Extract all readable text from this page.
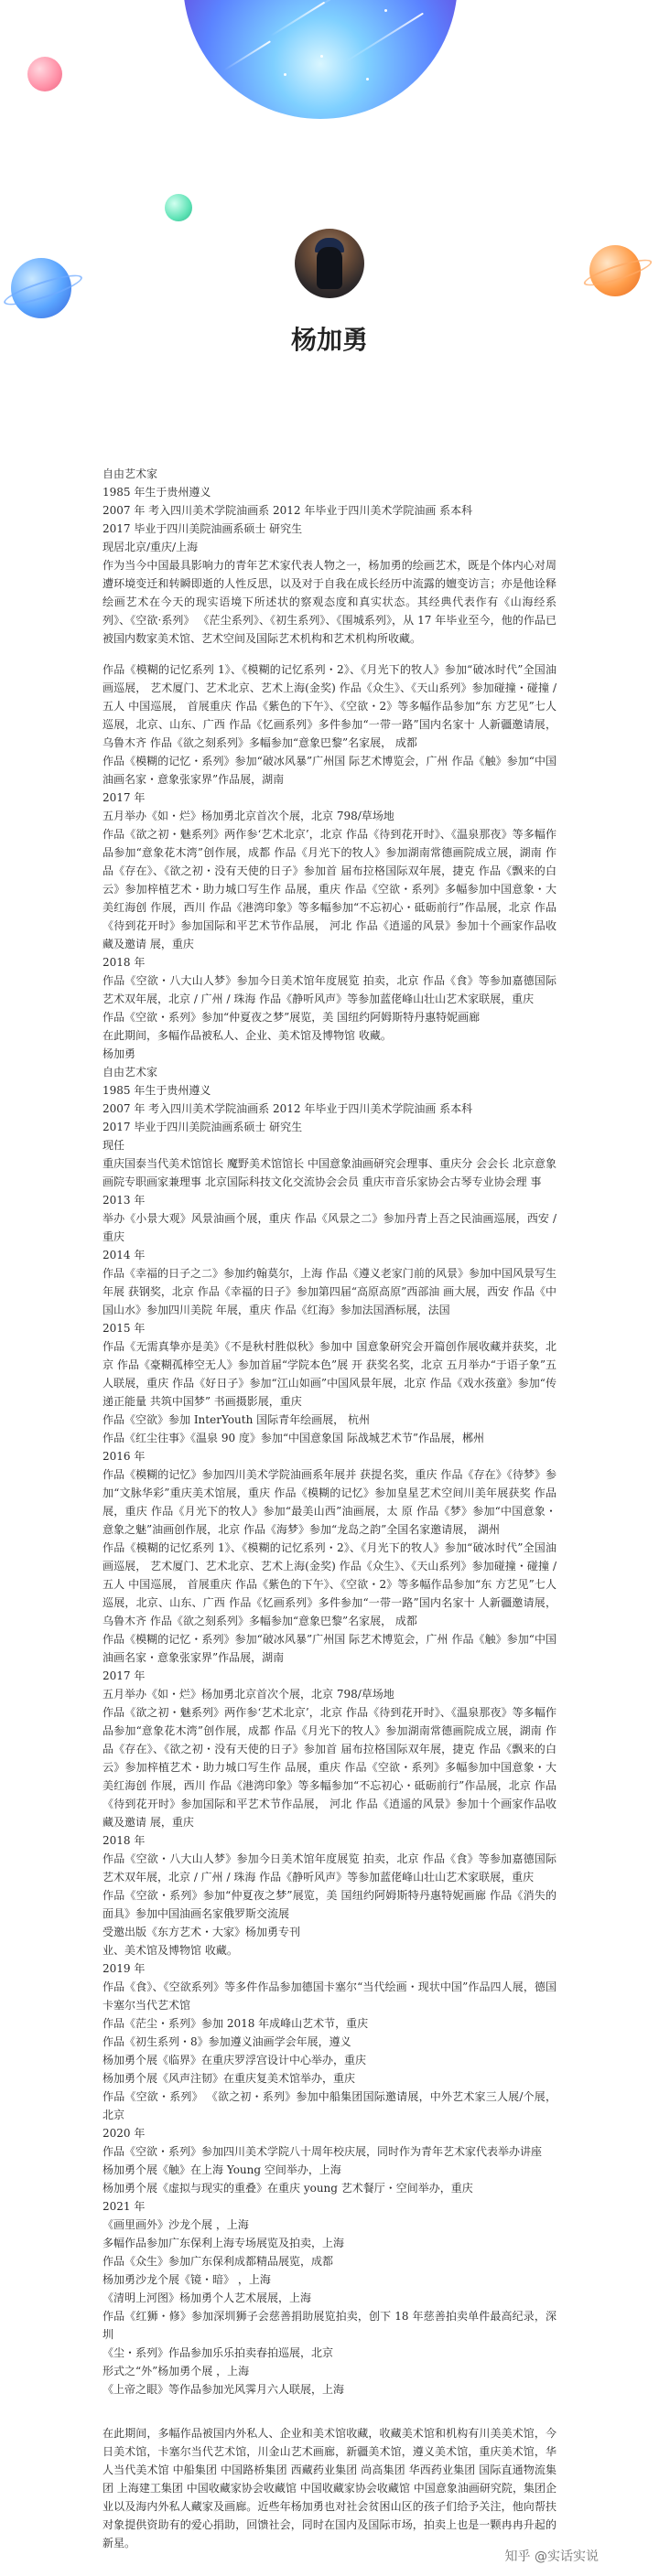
杨加勇
自由艺术家
1985 年生于贵州遵义
2007 年 考入四川美术学院油画系 2012 年毕业于四川美术学院油画 系本科
2017 毕业于四川美院油画系硕士 研究生
现居北京/重庆/上海
作为当今中国最具影响力的青年艺术家代表人物之一，杨加勇的绘画艺术，既是个体内心对周遭环境变迁和转瞬即逝的人性反思，以及对于自我在成长经历中流露的嬗变访言；亦是他诠释绘画艺术在今天的现实语境下所述状的察观态度和真实状态。其经典代表作有《山海经系列》、《空欲·系列》 《茫尘系列》、《初生系列》、《围城系列》，从 17 年毕业至今，他的作品已被国内数家美术馆、艺术空间及国际艺术机构和艺术机构所收藏。
作品《模糊的记忆系列 1》、《模糊的记忆系列・2》、《月光下的牧人》参加“破冰时代”全国油画巡展， 艺术厦门、艺术北京、艺术上海(金奖) 作品《众生》、《天山系列》参加碰撞・碰撞 / 五人 中国巡展， 首展重庆 作品《紫色的下午》、《空欲・2》等多幅作品参加“东 方艺见”七人巡展，北京、山东、广西 作品《忆画系列》多件参加“一带一路”国内名家十 人新疆邀请展，乌鲁木齐 作品《欲之刻系列》多幅参加“意象巴黎”名家展， 成都
作品《模糊的记忆・系列》参加“破冰风暴”广州国 际艺术博览会，广州 作品《触》参加“中国油画名家・意象张家界”作品展，湖南
2017 年
五月举办《如・烂》杨加勇北京首次个展，北京 798/草场地
作品《欲之初・魅系列》两作参‘艺术北京’，北京 作品《待到花开时》、《温泉那夜》等多幅作品参加“意象花木湾”创作展，成都 作品《月光下的牧人》参加湖南常德画院成立展，湖南 作品《存在》、《欲之初・没有天使的日子》参加首 届布拉格国际双年展，捷克 作品《飘来的白云》参加梓植艺术・助力城口写生作 品展，重庆 作品《空欲・系列》多幅参加中国意象・大美红海创 作展，西川 作品《港湾印象》等多幅参加“不忘初心・砥砺前行”作品展，北京 作品《待到花开时》参加国际和平艺术节作品展， 河北 作品《逍遥的风景》参加十个画家作品收藏及邀请 展，重庆
2018 年
作品《空欲・八大山人梦》参加今日美术馆年度展览 拍卖，北京 作品《食》等参加嘉德国际艺术双年展，北京 / 广州 / 珠海 作品《静听风声》等参加蓝佬峰山壮山艺术家联展，重庆
作品《空欲・系列》参加“仲夏夜之梦”展览，美 国纽约阿姆斯特丹惠特妮画廊
在此期间，多幅作品被私人、企业、美术馆及博物馆 收藏。
杨加勇
自由艺术家
1985 年生于贵州遵义
2007 年 考入四川美术学院油画系 2012 年毕业于四川美术学院油画 系本科
2017 毕业于四川美院油画系硕士 研究生
现任
重庆国泰当代美术馆馆长 魔野美术馆馆长 中国意象油画研究会理事、重庆分 会会长 北京意象画院专职画家兼理事 北京国际科技文化交流协会会员 重庆市音乐家协会古琴专业协会理 事
2013 年
举办《小景大观》风景油画个展，重庆 作品《风景之二》参加丹青上吾之民油画巡展，西安 / 重庆
2014 年
作品《幸福的日子之二》参加约翰莫尔，上海 作品《遵义老家门前的风景》参加中国风景写生年展 获钢奖，北京 作品《幸福的日子》参加第四届“高原高原”西部油 画大展，西安 作品《中国山水》参加四川美院 年展，重庆 作品《红海》参加法国酒标展，法国
2015 年
作品《无需真挚亦是美》《不是秋村胜似秋》参加中 国意象研究会开篇创作展收藏并获奖，北京 作品《豪糊孤棒空无人》参加首届“学院本色”展 开 获奖名奖，北京 五月举办“于语子象”五人联展，重庆 作品《好日子》参加“江山如画”中国风景年展，北京 作品《戏水孩童》参加“传递正能量 共筑中国梦” 书画摄影展，重庆
作品《空欲》参加 InterYouth 国际青年绘画展， 杭州
作品《红尘往事》《温泉 90 度》参加“中国意象国 际战城艺术节”作品展，郴州
2016 年
作品《模糊的记忆》参加四川美术学院油画系年展并 获提名奖，重庆 作品《存在》《待梦》参加“文脉华彩”重庆美术馆展，重庆 作品《模糊的记忆》参加皇星艺术空间川美年展获奖 作品展，重庆 作品《月光下的牧人》参加“最美山西”油画展，太 原 作品《梦》参加“中国意象・意象之魅”油画创作展，北京 作品《海梦》参加“龙岛之韵”全国名家邀请展， 湖州
作品《模糊的记忆系列 1》、《模糊的记忆系列・2》、《月光下的牧人》参加“破冰时代”全国油画巡展， 艺术厦门、艺术北京、艺术上海(金奖) 作品《众生》、《天山系列》参加碰撞・碰撞 / 五人 中国巡展， 首展重庆 作品《紫色的下午》、《空欲・2》等多幅作品参加“东 方艺见”七人巡展，北京、山东、广西 作品《忆画系列》多件参加“一带一路”国内名家十 人新疆邀请展，乌鲁木齐 作品《欲之刻系列》多幅参加“意象巴黎”名家展， 成都
作品《模糊的记忆・系列》参加“破冰风暴”广州国 际艺术博览会，广州 作品《触》参加“中国油画名家・意象张家界”作品展，湖南
2017 年
五月举办《如・烂》杨加勇北京首次个展，北京 798/草场地
作品《欲之初・魅系列》两作参‘艺术北京’，北京 作品《待到花开时》、《温泉那夜》等多幅作品参加“意象花木湾”创作展，成都 作品《月光下的牧人》参加湖南常德画院成立展，湖南 作品《存在》、《欲之初・没有天使的日子》参加首 届布拉格国际双年展，捷克 作品《飘来的白云》参加梓植艺术・助力城口写生作 品展，重庆 作品《空欲・系列》多幅参加中国意象・大美红海创 作展，西川 作品《港湾印象》等多幅参加“不忘初心・砥砺前行”作品展，北京 作品《待到花开时》参加国际和平艺术节作品展， 河北 作品《逍遥的风景》参加十个画家作品收藏及邀请 展，重庆
2018 年
作品《空欲・八大山人梦》参加今日美术馆年度展览 拍卖，北京 作品《食》等参加嘉德国际艺术双年展，北京 / 广州 / 珠海 作品《静听风声》等参加蓝佬峰山壮山艺术家联展，重庆
作品《空欲・系列》参加“仲夏夜之梦”展览，美 国纽约阿姆斯特丹惠特妮画廊 作品《消失的面具》参加中国油画名家俄罗斯交流展
受邀出版《东方艺术・大家》杨加勇专刊
业、美术馆及博物馆 收藏。
2019 年
作品《食》、《空欲系列》等多件作品参加德国卡塞尔“当代绘画・现状中国”作品四人展，德国卡塞尔当代艺术馆
作品《茫尘・系列》参加 2018 年成峰山艺术节，重庆
作品《初生系列・8》参加遵义油画学会年展，遵义
杨加勇个展《临界》在重庆罗浮宫设计中心举办，重庆
杨加勇个展《风声注韧》在重庆复美术馆举办，重庆
作品《空欲・系列》 《欲之初・系列》参加中船集团国际邀请展，中外艺术家三人展/个展，北京
2020 年
作品《空欲・系列》参加四川美术学院八十周年校庆展，同时作为青年艺术家代表举办讲座
杨加勇个展《触》在上海 Young 空间举办，上海
杨加勇个展《虚拟与现实的重叠》在重庆 young 艺术餐厅・空间举办，重庆
2021 年
《画里画外》沙龙个展 ，上海
多幅作品参加广东保利上海专场展览及拍卖，上海
作品《众生》参加广东保利成都精品展览，成都
杨加勇沙龙个展《镜・暗》 ，上海
《清明上河图》杨加勇个人艺术展展，上海
作品《红狮・修》参加深圳狮子会慈善捐助展览拍卖，创下 18 年慈善拍卖单件最高纪录，深圳
《尘・系列》作品参加乐乐拍卖春拍巡展，北京
形式之“外”杨加勇个展 ，上海
《上帝之眼》等作品参加光风霁月六人联展，上海
在此期间，多幅作品被国内外私人、企业和美术馆收藏，收藏美术馆和机构有川美美术馆，今日美术馆，卡塞尔当代艺术馆，川金山艺术画廊，新疆美术馆，遵义美术馆，重庆美术馆，华人当代美术馆 中船集团 中国路桥集团 西藏药业集团 尚高集团 华西药业集团 国际直通物流集团 上海建工集团 中国收藏家协会收藏馆 中国收藏家协会收藏馆 中国意象油画研究院，集团企业以及海内外私人藏家及画廊。近些年杨加勇也对社会贫困山区的孩子们给予关注，他向帮扶对象提供资助有的爱心捐助，回馈社会，同时在国内及国际市场，拍卖上也是一颗冉冉升起的新星。
知乎 @实话实说
